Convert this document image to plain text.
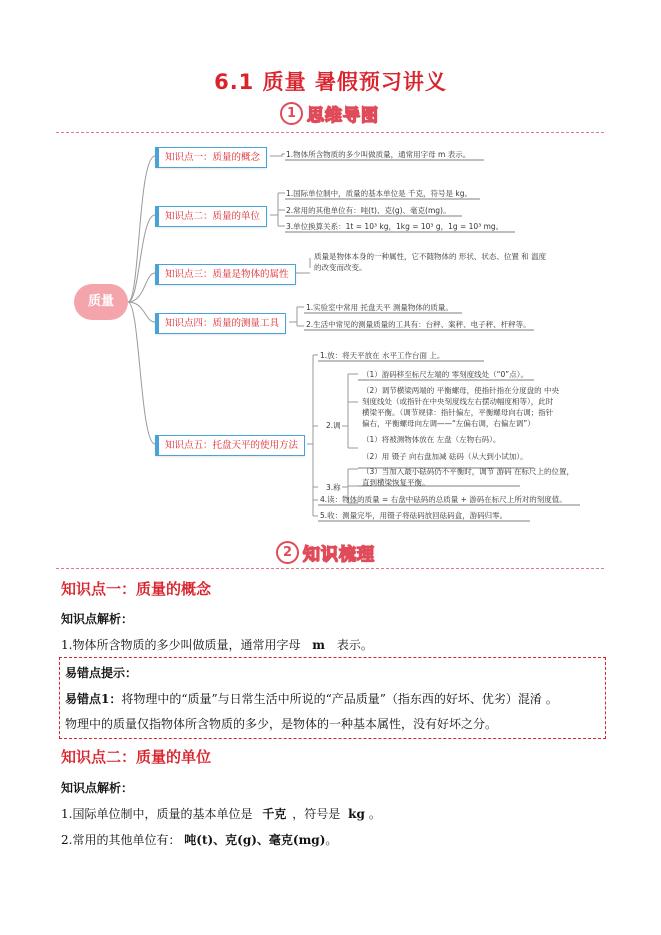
6.1 质量 暑假预习讲义
1 思维导图
质量
知识点一：质量的概念	1.物体所含物质的多少叫做质量，通常用字母 m 表示。
知识点二：质量的单位
1.国际单位制中，质量的基本单位是 千克，符号是 kg。
2.常用的其他单位有：吨(t)、克(g)、毫克(mg)。
3.单位换算关系：1t = 10³ kg，1kg = 10³ g，1g = 10³ mg。
知识点三：质量是物体的属性
质量是物体本身的一种属性，它不随物体的 形状、状态、位置 和 温度
的改变而改变。
知识点四：质量的测量工具
1.实验室中常用 托盘天平 测量物体的质量。
2.生活中常见的测量质量的工具有：台秤、案秤、电子秤、杆秤等。
知识点五：托盘天平的使用方法
1.放：将天平放在 水平工作台面 上。
2.调
（1）游码移至标尺左端的 零刻度线处（“0”点）。
（2）调节横梁两端的 平衡螺母，使指针指在分度盘的 中央
刻度线处（或指针在中央刻度线左右摆动幅度相等），此时
横梁平衡。（调节规律：指针偏左，平衡螺母向右调；指针
偏右，平衡螺母向左调——“左偏右调，右偏左调”）
3.称
（1）将被测物体放在 左盘（左物右码）。
（2）用 镊子 向右盘加减 砝码（从大到小试加）。
（3）当加入最小砝码仍不平衡时，调节 游码 在标尺上的位置，
直到横梁恢复平衡。
4.读：物体的质量 = 右盘中砝码的总质量 + 游码在标尺上所对的刻度值。
5.收：测量完毕，用镊子将砝码放回砝码盒，游码归零。
2 知识梳理
知识点一：质量的概念
知识点解析：
1.物体所含物质的多少叫做质量，通常用字母 m 表示。
易错点提示：
易错点1：将物理中的“质量”与日常生活中所说的“产品质量”（指东西的好坏、优劣）混淆 。
物理中的质量仅指物体所含物质的多少，是物体的一种基本属性，没有好坏之分。
知识点二：质量的单位
知识点解析：
1.国际单位制中，质量的基本单位是 千克 ，符号是 kg 。
2.常用的其他单位有： 吨(t)、克(g)、毫克(mg)。
